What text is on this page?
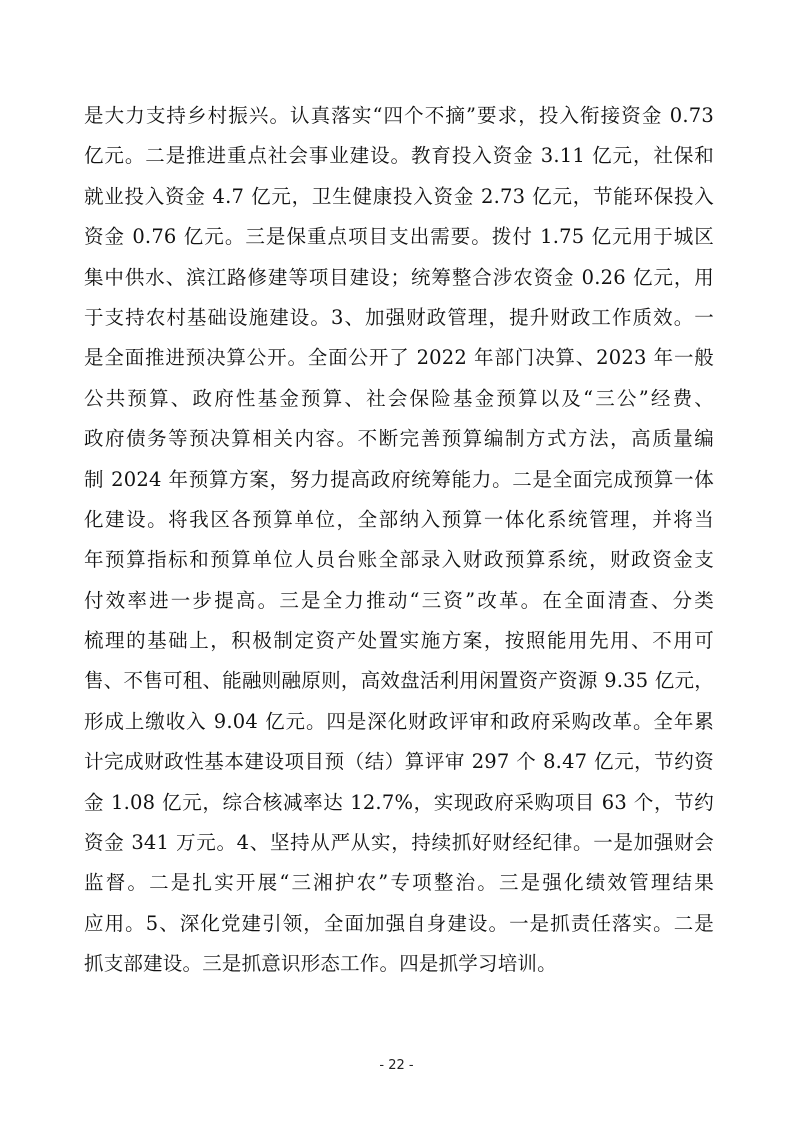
是大力支持乡村振兴。认真落实“四个不摘”要求，投入衔接资金 0.73
亿元。二是推进重点社会事业建设。教育投入资金 3.11 亿元，社保和
就业投入资金 4.7 亿元，卫生健康投入资金 2.73 亿元，节能环保投入
资金 0.76 亿元。三是保重点项目支出需要。拨付 1.75 亿元用于城区
集中供水、滨江路修建等项目建设；统筹整合涉农资金 0.26 亿元，用
于支持农村基础设施建设。3、加强财政管理，提升财政工作质效。一
是全面推进预决算公开。全面公开了 2022 年部门决算、2023 年一般
公共预算、政府性基金预算、社会保险基金预算以及“三公”经费、
政府债务等预决算相关内容。不断完善预算编制方式方法，高质量编
制 2024 年预算方案，努力提高政府统筹能力。二是全面完成预算一体
化建设。将我区各预算单位，全部纳入预算一体化系统管理，并将当
年预算指标和预算单位人员台账全部录入财政预算系统，财政资金支
付效率进一步提高。三是全力推动“三资”改革。在全面清查、分类
梳理的基础上，积极制定资产处置实施方案，按照能用先用、不用可
售、不售可租、能融则融原则，高效盘活利用闲置资产资源 9.35 亿元，
形成上缴收入 9.04 亿元。四是深化财政评审和政府采购改革。全年累
计完成财政性基本建设项目预（结）算评审 297 个 8.47 亿元，节约资
金 1.08 亿元，综合核减率达 12.7%，实现政府采购项目 63 个，节约
资金 341 万元。4、坚持从严从实，持续抓好财经纪律。一是加强财会
监督。二是扎实开展“三湘护农”专项整治。三是强化绩效管理结果
应用。5、深化党建引领，全面加强自身建设。一是抓责任落实。二是
抓支部建设。三是抓意识形态工作。四是抓学习培训。
- 22 -
